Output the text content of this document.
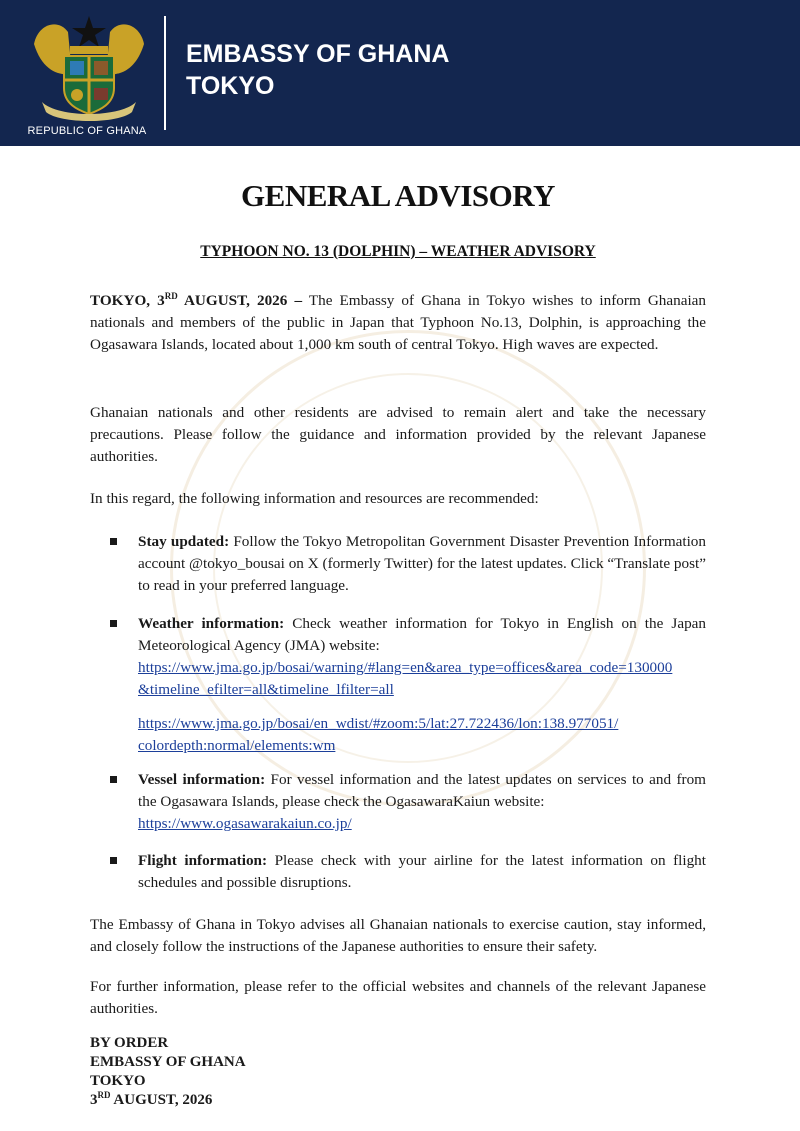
REPUBLIC OF GHANA
EMBASSY OF GHANA
TOKYO
GENERAL ADVISORY
TYPHOON NO. 13 (DOLPHIN) – WEATHER ADVISORY

TOKYO, 3RD AUGUST, 2026 – The Embassy of Ghana in Tokyo wishes to inform Ghanaian nationals and members of the public in Japan that Typhoon No.13, Dolphin, is approaching the Ogasawara Islands, located about 1,000 km south of central Tokyo. High waves are expected.

Ghanaian nationals and other residents are advised to remain alert and take the necessary precautions. Please follow the guidance and information provided by the relevant Japanese authorities.

In this regard, the following information and resources are recommended:

Stay updated: Follow the Tokyo Metropolitan Government Disaster Prevention Information account @tokyo_bousai on X (formerly Twitter) for the latest updates. Click “Translate post” to read in your preferred language.

Weather information: Check weather information for Tokyo in English on the Japan Meteorological Agency (JMA) website:
https://www.jma.go.jp/bosai/warning/#lang=en&area_type=offices&area_code=130000
&timeline_efilter=all&timeline_lfilter=all

https://www.jma.go.jp/bosai/en_wdist/#zoom:5/lat:27.722436/lon:138.977051/
colordepth:normal/elements:wm

Vessel information: For vessel information and the latest updates on services to and from the Ogasawara Islands, please check the OgasawaraKaiun website:
https://www.ogasawarakaiun.co.jp/

Flight information: Please check with your airline for the latest information on flight schedules and possible disruptions.

The Embassy of Ghana in Tokyo advises all Ghanaian nationals to exercise caution, stay informed, and closely follow the instructions of the Japanese authorities to ensure their safety.

For further information, please refer to the official websites and channels of the relevant Japanese authorities.

BY ORDER
EMBASSY OF GHANA
TOKYO
3RD AUGUST, 2026
